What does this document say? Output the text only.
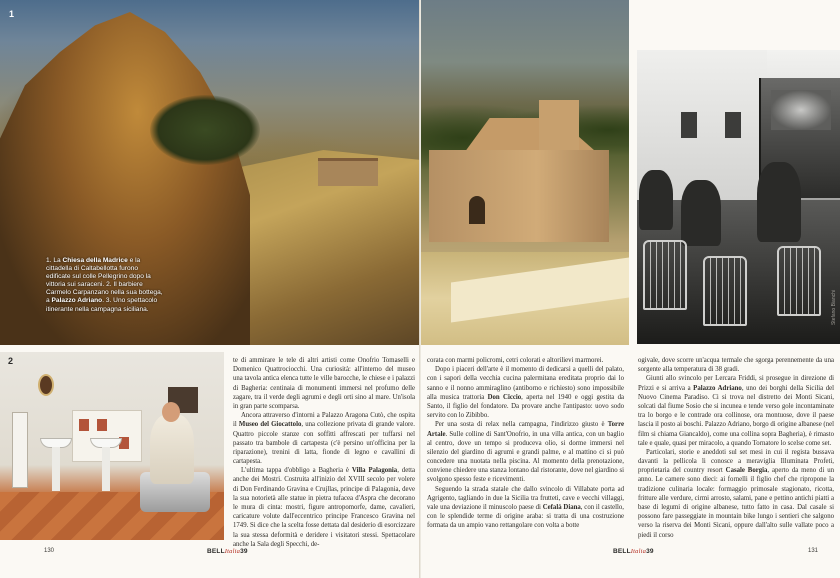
1
1. La Chiesa della Madrice e la cittadella di Caltabellotta furono edificate sul colle Pellegrino dopo la vittoria sui saraceni. 2. Il barbiere Carmelo Carpanzano nella sua bottega, a Palazzo Adriano. 3. Uno spettacolo itinerante nella campagna siciliana.	Stefano Bianchi
2	te di ammirare le tele di altri artisti come Onofrio Tomaselli e Domenico Quattrociocchi. Una curiosità: all'interno del museo una tavola antica elenca tutte le ville barocche, le chiese e i palazzi di Bagheria: centinaia di monumenti immersi nel profumo delle zagare, tra il verde degli agrumi e degli orti sino al mare. Un'isola in gran parte scomparsa.

Ancora attraverso d'intorni a Palazzo Aragona Cutò, che ospita il Museo del Giocattolo, una collezione privata di grande valore. Quattro piccole stanze con soffitti affrescati per tuffarsi nel passato tra bambole di cartapesta (c'è persino un'officina per la riparazione), trenini di latta, fionde di legno e cavallini di cartapesta.

L'ultima tappa d'obbligo a Bagheria è Villa Palagonia, detta anche dei Mostri. Costruita all'inizio del XVIII secolo per volere di Don Ferdinando Gravina e Crujllas, principe di Palagonia, deve la sua notorietà alle statue in pietra tufacea d'Aspra che decorano le mura di cinta: mostri, figure antropomorfe, dame, cavalieri, caricature volute dall'eccentrico principe Francesco Gravina nel 1749. Si dice che la scelta fosse dettata dal desiderio di esorcizzare la sua stessa deformità e deridere i visitatori stessi. Spettacolare anche la Sala degli Specchi, de-

corata con marmi policromi, cetri colorati e altorilievi marmorei.

Dopo i piaceri dell'arte è il momento di dedicarsi a quelli del palato, con i sapori della vecchia cucina palermitana ereditata proprio dai lo sanno e il nonno ammiraglino (antiborno e richiesto) sono impossibile alla musica trattoria Don Ciccio, aperta nel 1940 e oggi gestita da Santo, il figlio del fondatore. Da provare anche l'antipasto: uovo sodo servito con lo Zibibbo.

Per una sosta di relax nella campagna, l'indirizzo giusto è Torre Artale. Sulle colline di Sant'Onofrio, in una villa antica, con un baglio al centro, dove un tempo si produceva olio, si dorme immersi nel silenzio del giardino di agrumi e grandi palme, e al mattino ci si può concedere una nuotata nella piscina. Al momento della prenotazione, conviene chiedere una stanza lontano dal ristorante, dove nel giardino si svolgono spesso feste e ricevimenti.

Seguendo la strada statale che dallo svincolo di Villabate porta ad Agrigento, tagliando in due la Sicilia tra frutteti, cave e vecchi villaggi, vale una deviazione il minuscolo paese di Cefalà Diana, con il castello, con le splendide terme di origine araba: si tratta di una costruzione formata da un ampio vano rettangolare con volta a botte

ogivale, dove scorre un'acqua termale che sgorga perennemente da una sorgente alla temperatura di 38 gradi.

Giunti allo svincolo per Lercara Friddi, si prosegue in direzione di Prizzi e si arriva a Palazzo Adriano, uno dei borghi della Sicilia del Nuovo Cinema Paradiso. Ci si trova nel distretto dei Monti Sicani, solcati dal fiume Sosio che si incunea e tende verso gole incontaminate tra lo borgo e le contrade ora collinose, ora montuose, dove il paese lascia il posto ai boschi. Palazzo Adriano, borgo di origine albanese (nel film si chiama Giancaldo), come una collina sopra Bagheria), è rimasto tale e quale, quasi per miracolo, a quando Tornatore lo scelse come set.

Particolari, storie e aneddoti sul set mesi in cui il regista bussava davanti la pellicola li conosce a meraviglia Illuminata Profeti, proprietaria del country resort Casale Borgia, aperto da meno di un anno. Le camere sono dieci: ai fornelli il figlio chef che ripropone la tradizione culinaria locale: formaggio primosale stagionato, ricotta, fritture alle verdure, cirmi arrosto, salami, pane e pettino antichi piatti a base di legumi di origine albanese, tutto fatto in casa. Dal casale si possono fare passeggiate in mountain bike lungo i sentieri che salgono verso la riserva dei Monti Sicani, oppure dall'alto sulle vallate poco a piedi il corso

130	BELLItalia39	BELLItalia39	131
